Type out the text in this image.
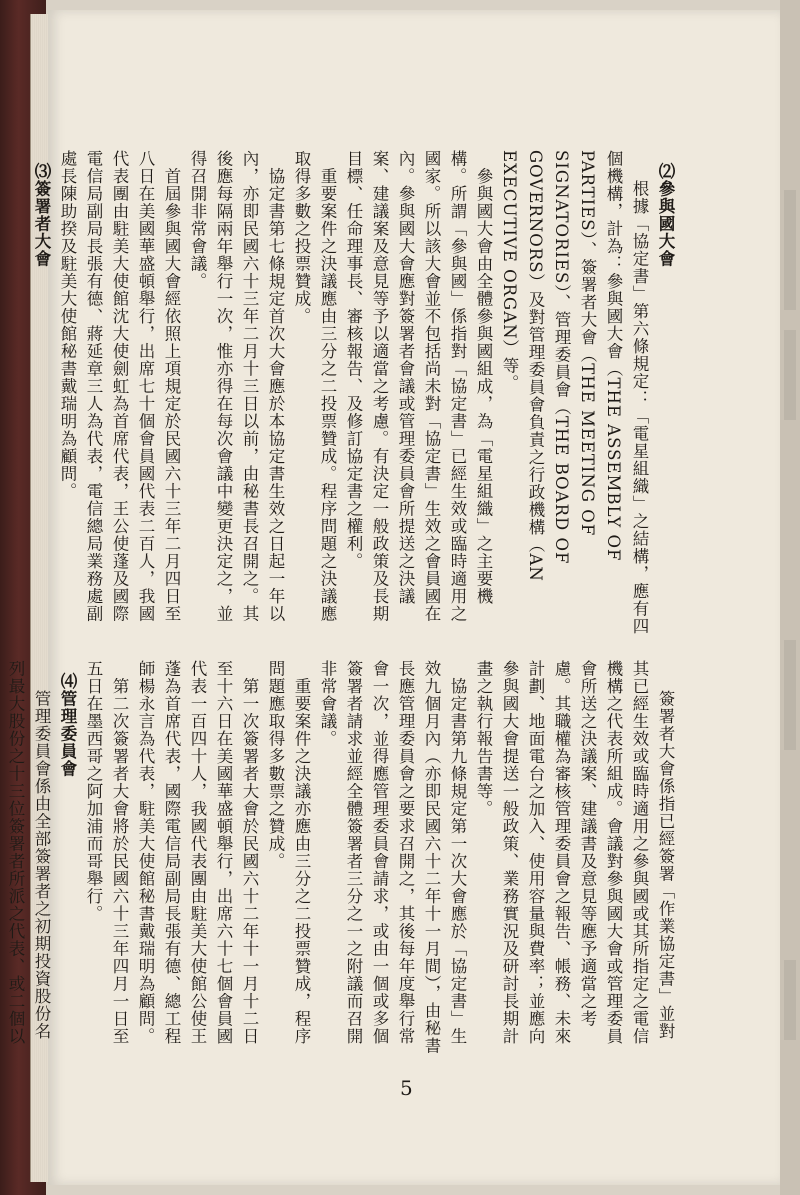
⑵參與國大會
　根據「協定書」第六條規定：「電星組織」之結構，應有四個機構，計為：參與國大會（THE ASSEMBLY OF PARTIES）、簽署者大會（THE MEETING OF SIGNATORIES）、管理委員會（THE BOARD OF GOVERNORS）及對管理委員會負責之行政機構（AN EXECUTIVE ORGAN）等。
　參與國大會由全體參與國組成，為「電星組織」之主要機構。所謂「參與國」係指對「協定書」已經生效或臨時適用之國家。所以該大會並不包括尚未對「協定書」生效之會員國在內。參與國大會應對簽署者會議或管理委員會所提送之決議案、建議案及意見等予以適當之考慮。有決定一般政策及長期目標、任命理事長、審核報告、及修訂協定書之權利。
　重要案件之決議應由三分之二投票贊成。程序問題之決議應取得多數之投票贊成。
　協定書第七條規定首次大會應於本協定書生效之日起一年以內，亦即民國六十三年二月十三日以前，由秘書長召開之。其後應每隔兩年舉行一次，惟亦得在每次會議中變更決定之，並得召開非常會議。
　首屆參與國大會經依照上項規定於民國六十三年二月四日至八日在美國華盛頓舉行，出席七十個會員國代表二百人，我國代表團由駐美大使館沈大使劍虹為首席代表，王公使蓬及國際電信局副局長張有德、蔣延章三人為代表，電信總局業務處副處長陳助揆及駐美大使館秘書戴瑞明為顧問。
⑶簽署者大會

　簽署者大會係指已經簽署「作業協定書」並對其已經生效或臨時適用之參與國或其所指定之電信機構之代表所組成。會議對參與國大會或管理委員會所送之決議案、建議書及意見等應予適當之考慮。其職權為審核管理委員會之報告、帳務、未來計劃、地面電台之加入、使用容量與費率；並應向參與國大會提送一般政策、業務實況及研討長期計畫之執行報告書等。
　協定書第九條規定第一次大會應於「協定書」生效九個月內（亦即民國六十二年十一月間），由秘書長應管理委員會之要求召開之，其後每年度舉行常會一次，並得應管理委員會請求，或由一個或多個簽署者請求並經全體簽署者三分之一之附議而召開非常會議。
　重要案件之決議亦應由三分之二投票贊成，程序問題應取得多數票之贊成。
　第一次簽署者大會於民國六十二年十一月十二日至十六日在美國華盛頓舉行，出席六十七個會員國代表一百四十人，我國代表團由駐美大使館公使王蓬為首席代表，國際電信局副局長張有德、總工程師楊永言為代表，駐美大使館秘書戴瑞明為顧問。
　第二次簽署者大會將於民國六十三年四月一日至五日在墨西哥之阿加浦而哥舉行。
⑷管理委員會
　管理委員會係由全部簽署者之初期投資股份名列最大股份之十三位簽署者所派之代表、或二個以

5
